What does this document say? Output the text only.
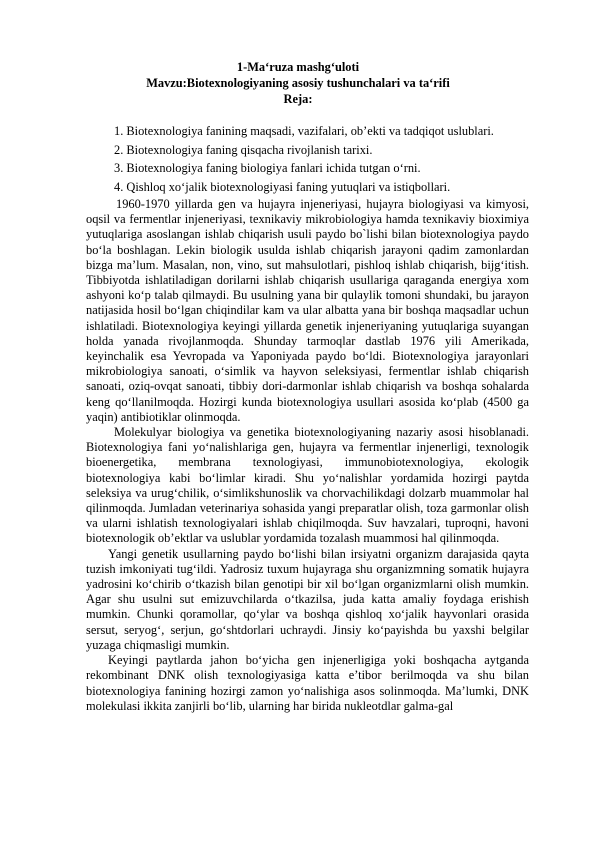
1-Ma‘ruza mashg‘uloti

Mavzu:Biotexnologiyaning asosiy tushunchalari va ta‘rifi

Reja:

1. Biotexnologiya fanining maqsadi, vazifalari, ob’ekti va tadqiqot uslublari.
2. Biotexnologiya faning qisqacha rivojlanish tarixi.
3. Biotexnologiya faning biologiya fanlari ichida tutgan o‘rni.
4. Qishloq xo‘jalik biotexnologiyasi faning yutuqlari va istiqbollari.

1960-1970 yillarda gen va hujayra injeneriyasi, hujayra biologiyasi va kimyosi, oqsil va fermentlar injeneriyasi, texnikaviy mikrobiologiya hamda texnikaviy bioximiya yutuqlariga asoslangan ishlab chiqarish usuli paydo bo`lishi bilan biotexnologiya paydo bo‘la boshlagan. Lekin biologik usulda ishlab chiqarish jarayoni qadim zamonlardan bizga ma’lum. Masalan, non, vino, sut mahsulotlari, pishloq ishlab chiqarish, bijg‘itish. Tibbiyotda ishlatiladigan dorilarni ishlab chiqarish usullariga qaraganda energiya xom ashyoni ko‘p talab qilmaydi. Bu usulning yana bir qulaylik tomoni shundaki, bu jarayon natijasida hosil bo‘lgan chiqindilar kam va ular albatta yana bir boshqa maqsadlar uchun ishlatiladi. Biotexnologiya keyingi yillarda genetik injeneriyaning yutuqlariga suyangan holda yanada rivojlanmoqda. Shunday tarmoqlar dastlab 1976 yili Amerikada, keyinchalik esa Yevropada va Yaponiyada paydo bo‘ldi. Biotexnologiya jarayonlari mikrobiologiya sanoati, o‘simlik va hayvon seleksiyasi, fermentlar ishlab chiqarish sanoati, oziq-ovqat sanoati, tibbiy dori-darmonlar ishlab chiqarish va boshqa sohalarda keng qo‘llanilmoqda. Hozirgi kunda biotexnologiya usullari asosida ko‘plab (4500 ga yaqin) antibiotiklar olinmoqda.

Molekulyar biologiya va genetika biotexnologiyaning nazariy asosi hisoblanadi. Biotexnologiya fani yo‘nalishlariga gen, hujayra va fermentlar injenerligi, texnologik bioenergetika, membrana texnologiyasi, immunobiotexnologiya, ekologik biotexnologiya kabi bo‘limlar kiradi. Shu yo‘nalishlar yordamida hozirgi paytda seleksiya va urug‘chilik, o‘simlikshunoslik va chorvachilikdagi dolzarb muammolar hal qilinmoqda. Jumladan veterinariya sohasida yangi preparatlar olish, toza garmonlar olish va ularni ishlatish texnologiyalari ishlab chiqilmoqda. Suv havzalari, tuproqni, havoni biotexnologik ob’ektlar va uslublar yordamida tozalash muammosi hal qilinmoqda.

Yangi genetik usullarning paydo bo‘lishi bilan irsiyatni organizm darajasida qayta tuzish imkoniyati tug‘ildi. Yadrosiz tuxum hujayraga shu organizmning somatik hujayra yadrosini ko‘chirib o‘tkazish bilan genotipi bir xil bo‘lgan organizmlarni olish mumkin. Agar shu usulni sut emizuvchilarda o‘tkazilsa, juda katta amaliy foydaga erishish mumkin. Chunki qoramollar, qo‘ylar va boshqa qishloq xo‘jalik hayvonlari orasida sersut, seryog‘, serjun, go‘shtdorlari uchraydi. Jinsiy ko‘payishda bu yaxshi belgilar yuzaga chiqmasligi mumkin.

Keyingi paytlarda jahon bo‘yicha gen injenerligiga yoki boshqacha aytganda rekombinant DNK olish texnologiyasiga katta e’tibor berilmoqda va shu bilan biotexnologiya fanining hozirgi zamon yo‘nalishiga asos solinmoqda. Ma’lumki, DNK molekulasi ikkita zanjirli bo‘lib, ularning har birida nukleotdlar galma-gal
